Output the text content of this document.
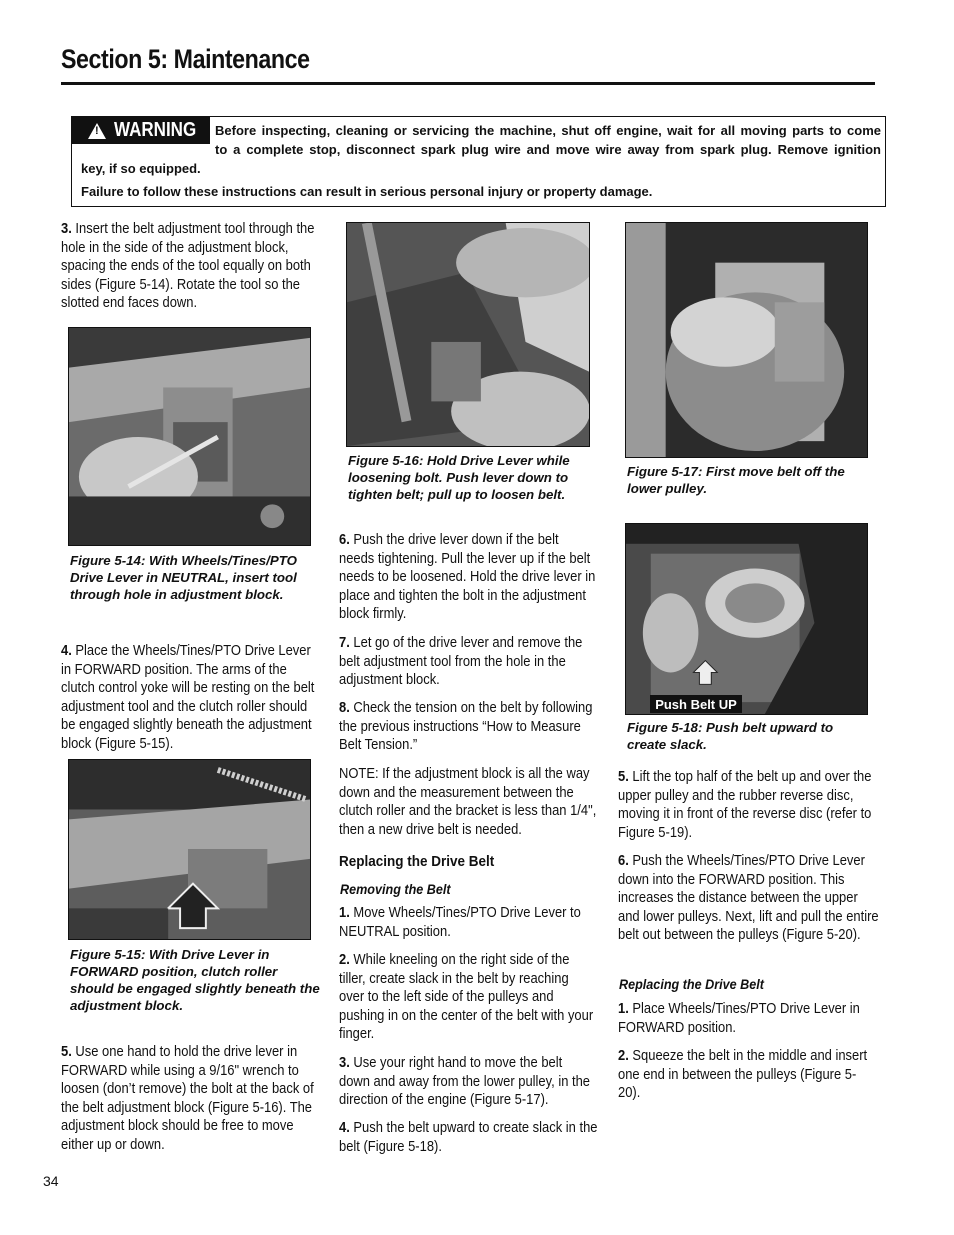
Section 5: Maintenance
!
WARNING Before inspecting, cleaning or servicing the machine, shut off engine, wait for all moving parts to come
to a complete stop, disconnect spark plug wire and move wire away from spark plug. Remove ignition
key, if so equipped.
Failure to follow these instructions can result in serious personal injury or property damage.
3. Insert the belt adjustment tool through the hole in the side of the adjustment block, spacing the ends of the tool equally on both sides (Figure 5-14). Rotate the tool so the slotted end faces down.
Figure 5-14: With Wheels/Tines/PTO Drive Lever in NEUTRAL, insert tool through hole in adjustment block.
4. Place the Wheels/Tines/PTO Drive Lever in FORWARD position. The arms of the clutch control yoke will be resting on the belt adjustment tool and the clutch roller should be engaged slightly beneath the adjustment block (Figure 5-15).
Figure 5-15: With Drive Lever in FORWARD position, clutch roller should be engaged slightly beneath the adjustment block.
5. Use one hand to hold the drive lever in FORWARD while using a 9/16" wrench to loosen (don’t remove) the bolt at the back of the belt adjustment block (Figure 5-16). The adjustment block should be free to move either up or down.
Figure 5-16: Hold Drive Lever while loosening bolt. Push lever down to tighten belt; pull up to loosen belt.
6. Push the drive lever down if the belt needs tightening. Pull the lever up if the belt needs to be loosened. Hold the drive lever in place and tighten the bolt in the adjustment block firmly.
7. Let go of the drive lever and remove the belt adjustment tool from the hole in the adjustment block.
8. Check the tension on the belt by following the previous instructions “How to Measure Belt Tension.”
NOTE: If the adjustment block is all the way down and the measurement between the clutch roller and the bracket is less than 1/4", then a new drive belt is needed.
Replacing the Drive Belt
Removing the Belt
1. Move Wheels/Tines/PTO Drive Lever to NEUTRAL position.
2. While kneeling on the right side of the tiller, create slack in the belt by reaching over to the left side of the pulleys and pushing in on the center of the belt with your finger.
3. Use your right hand to move the belt down and away from the lower pulley, in the direction of the engine (Figure 5-17).
4. Push the belt upward to create slack in the belt (Figure 5-18).
Figure 5-17: First move belt off the lower pulley.
Push Belt UP
Figure 5-18: Push belt upward to create slack.
5. Lift the top half of the belt up and over the upper pulley and the rubber reverse disc, moving it in front of the reverse disc (refer to Figure 5-19).
6. Push the Wheels/Tines/PTO Drive Lever down into the FORWARD position. This increases the distance between the upper and lower pulleys. Next, lift and pull the entire belt out between the pulleys (Figure 5-20).
Replacing the Drive Belt
1. Place Wheels/Tines/PTO Drive Lever in FORWARD position.
2. Squeeze the belt in the middle and insert one end in between the pulleys (Figure 5-20).
34
